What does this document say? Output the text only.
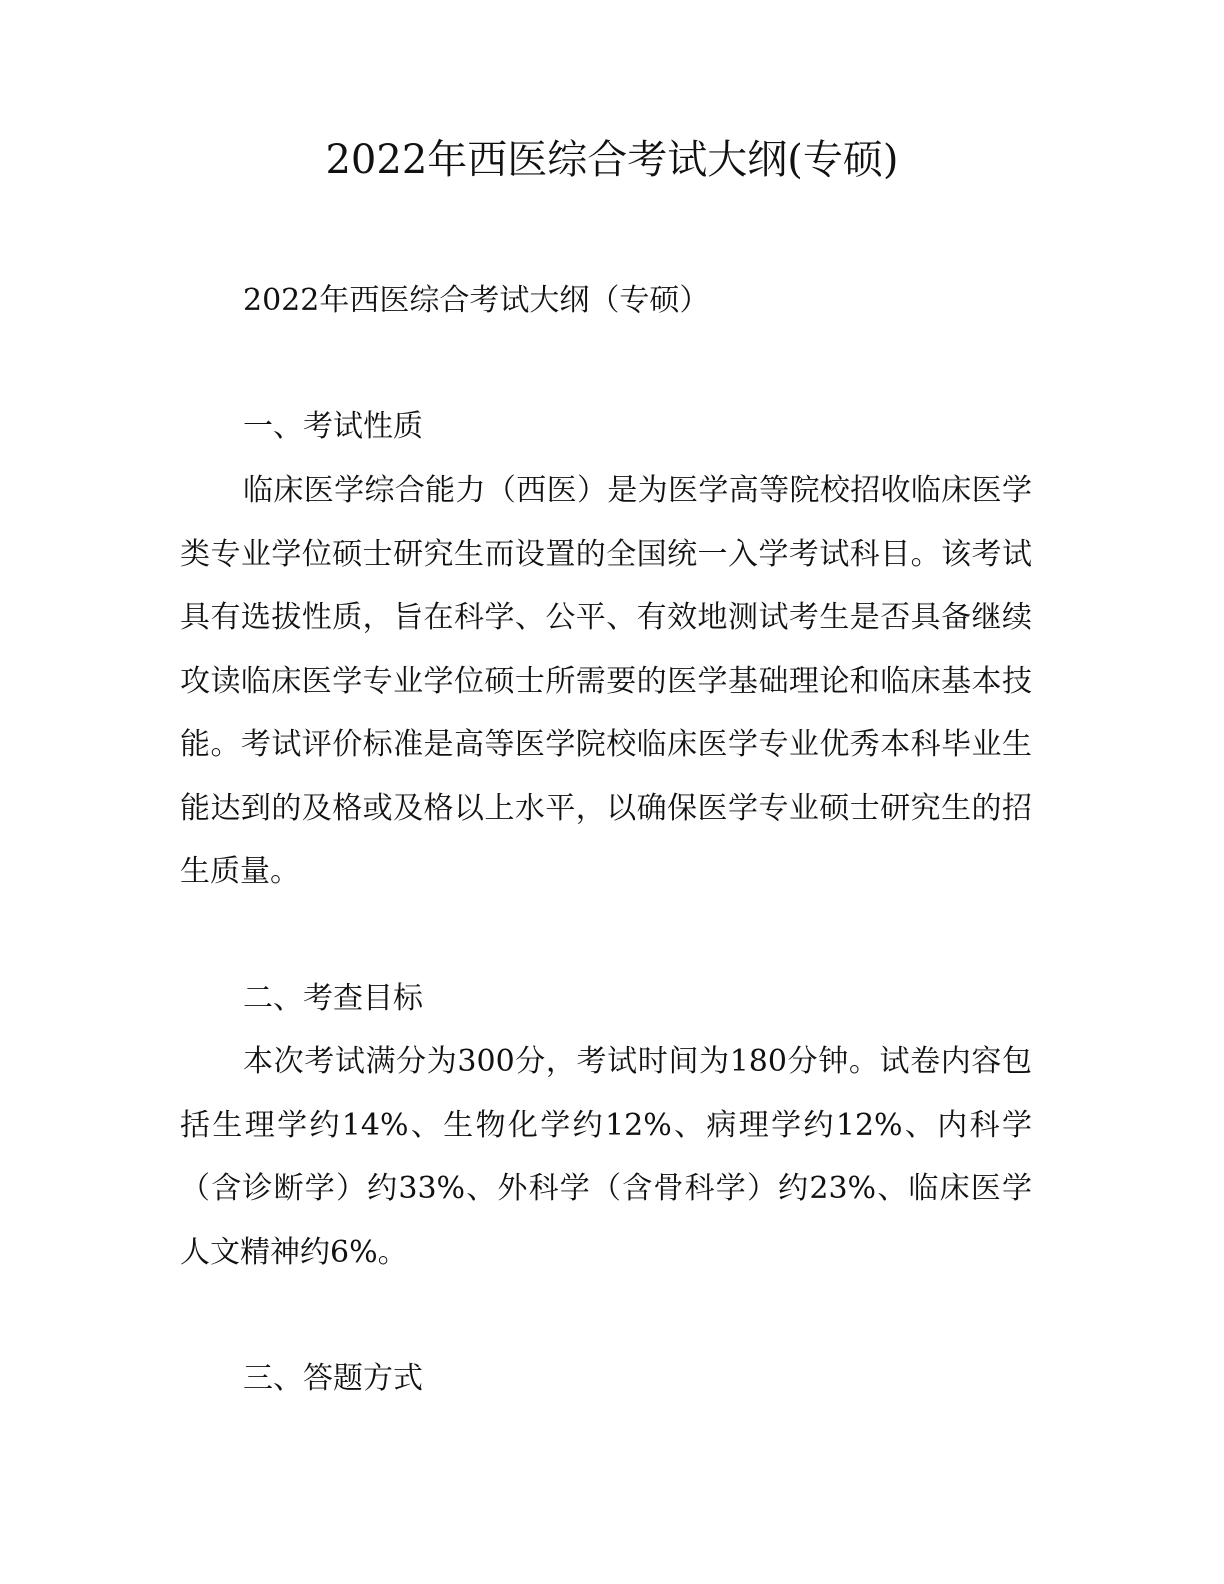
2022年西医综合考试大纲(专硕)
2022年西医综合考试大纲（专硕）
一、考试性质

临床医学综合能力（西医）是为医学高等院校招收临床医学类专业学位硕士研究生而设置的全国统一入学考试科目。该考试具有选拔性质，旨在科学、公平、有效地测试考生是否具备继续攻读临床医学专业学位硕士所需要的医学基础理论和临床基本技能。考试评价标准是高等医学院校临床医学专业优秀本科毕业生能达到的及格或及格以上水平，以确保医学专业硕士研究生的招生质量。

二、考查目标

本次考试满分为300分，考试时间为180分钟。试卷内容包括生理学约14%、生物化学约12%、病理学约12%、内科学（含诊断学）约33%、外科学（含骨科学）约23%、临床医学人文精神约6%。

三、答题方式
